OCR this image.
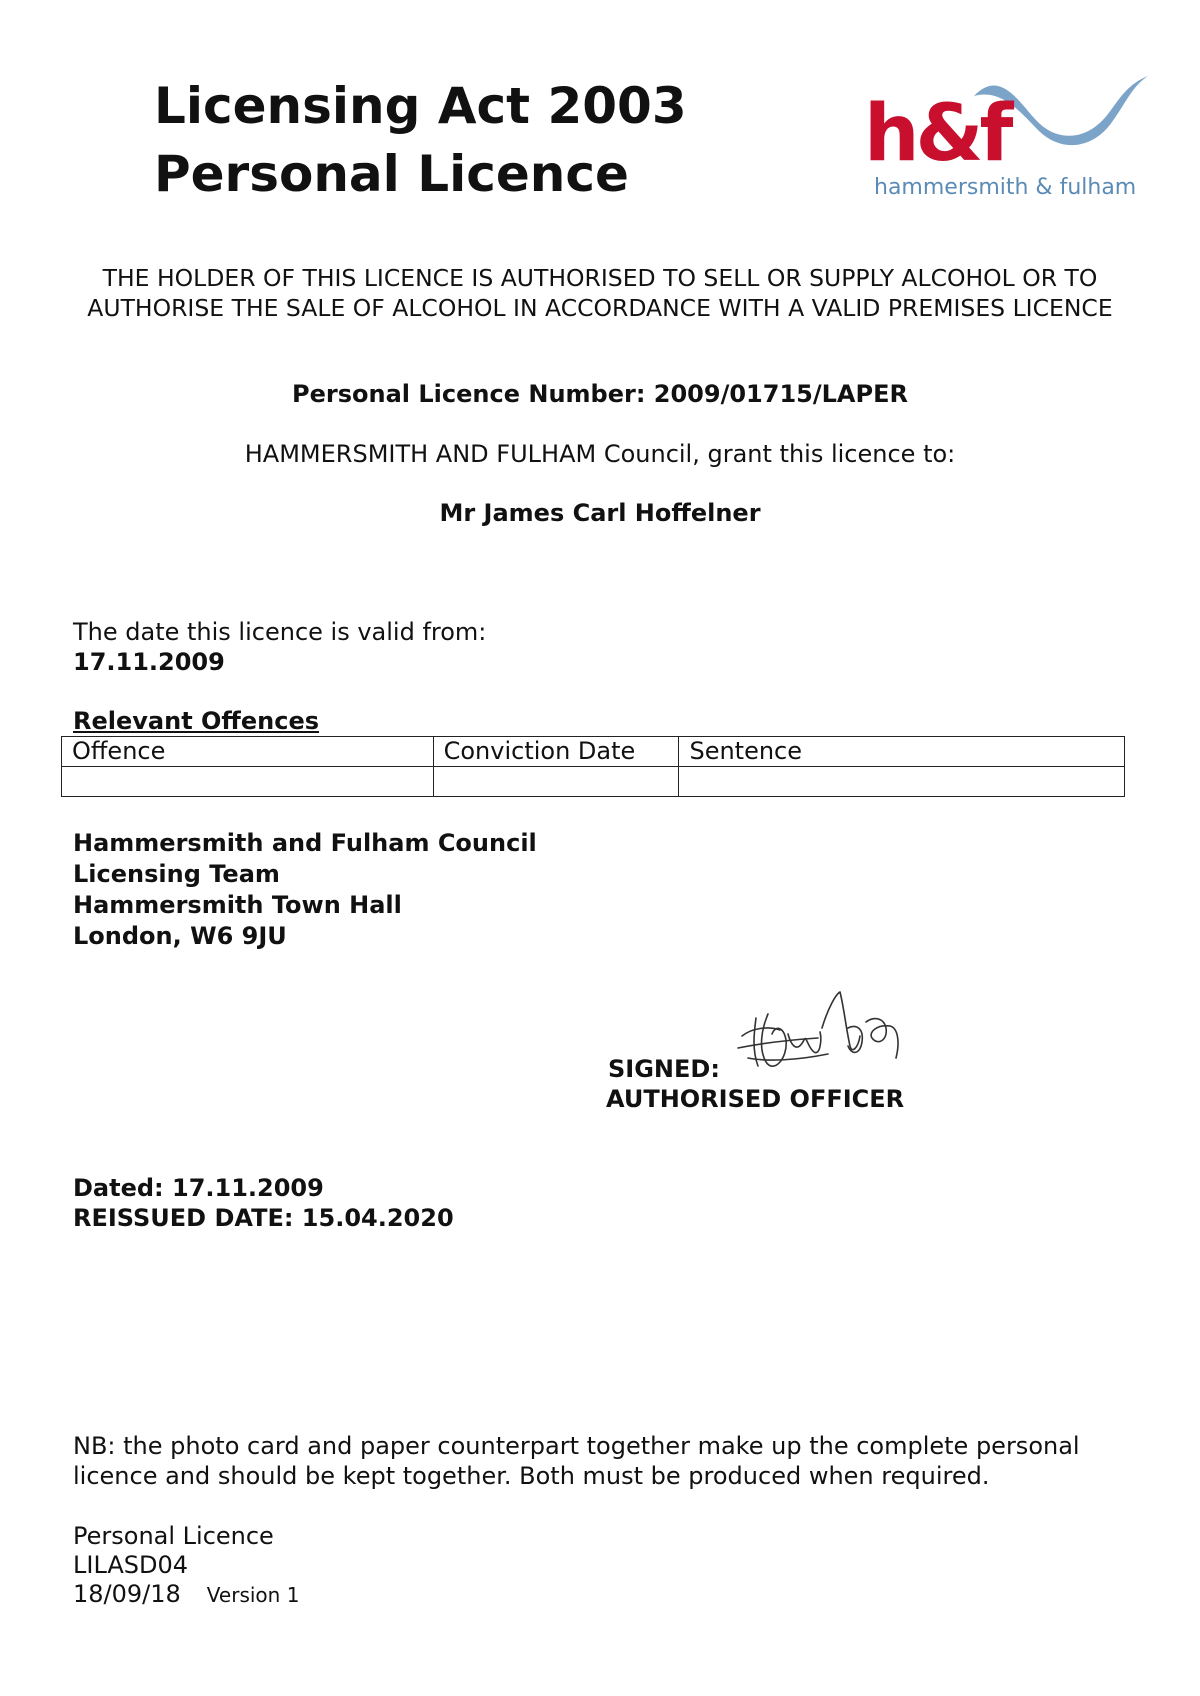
Licensing Act 2003
Personal Licence	h&f
hammersmith & fulham
THE HOLDER OF THIS LICENCE IS AUTHORISED TO SELL OR SUPPLY ALCOHOL OR TO AUTHORISE THE SALE OF ALCOHOL IN ACCORDANCE WITH A VALID PREMISES LICENCE
Personal Licence Number: 2009/01715/LAPER
HAMMERSMITH AND FULHAM Council, grant this licence to:
Mr James Carl Hoffelner
The date this licence is valid from:
17.11.2009
Relevant Offences
Offence	Conviction Date	Sentence

Hammersmith and Fulham Council
Licensing Team
Hammersmith Town Hall
London, W6 9JU
SIGNED:
AUTHORISED OFFICER
Dated: 17.11.2009
REISSUED DATE: 15.04.2020
NB: the photo card and paper counterpart together make up the complete personal licence and should be kept together. Both must be produced when required.
Personal Licence
LILASD04
18/09/18 Version 1
